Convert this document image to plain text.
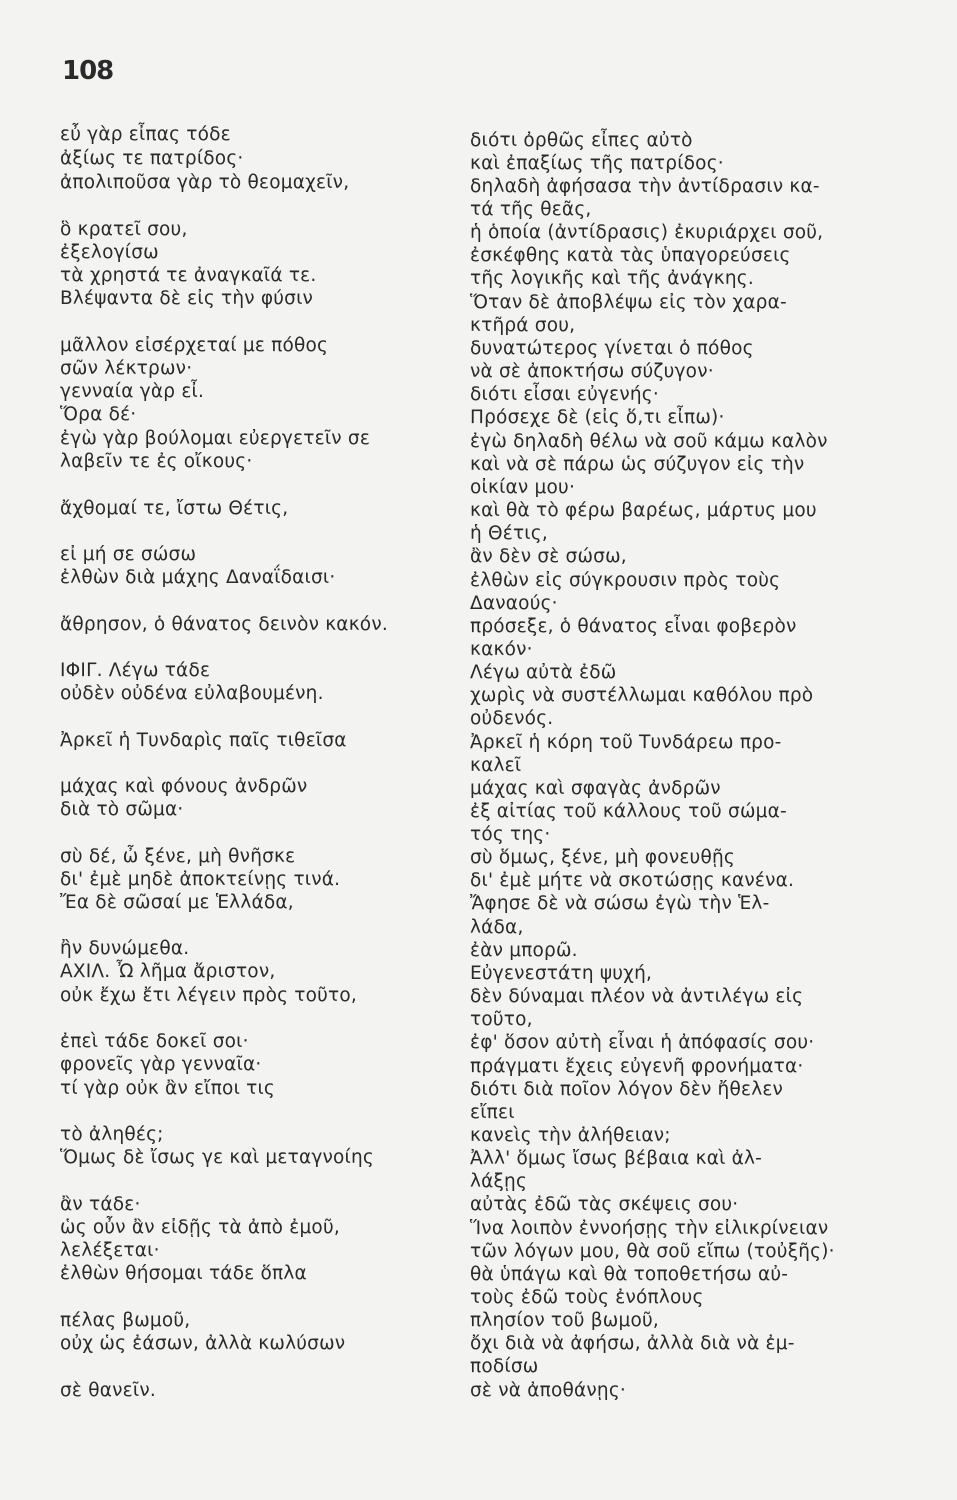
108
εὖ γὰρ εἶπας τόδε
ἀξίως τε πατρίδος·
ἀπολιποῦσα γὰρ τὸ θεομαχεῖν,
ὃ κρατεῖ σου,
ἐξελογίσω
τὰ χρηστά τε ἀναγκαῖά τε.
Βλέψαντα δὲ εἰς τὴν φύσιν
μᾶλλον εἰσέρχεταί με πόθος
σῶν λέκτρων·
γενναία γὰρ εἶ.
Ὅρα δέ·
ἐγὼ γὰρ βούλομαι εὐεργετεῖν σε
λαβεῖν τε ἐς οἴκους·
ἄχθομαί τε, ἴστω Θέτις,
εἰ μή σε σώσω
ἐλθὼν διὰ μάχης Δαναΐδαισι·
ἄθρησον, ὁ θάνατος δεινὸν κακόν.
ΙΦΙΓ. Λέγω τάδε
οὐδὲν οὐδένα εὐλαβουμένη.
Ἀρκεῖ ἡ Τυνδαρὶς παῖς τιθεῖσα
μάχας καὶ φόνους ἀνδρῶν
διὰ τὸ σῶμα·
σὺ δέ, ὦ ξένε, μὴ θνῆσκε
δι' ἐμὲ μηδὲ ἀποκτείνῃς τινά.
Ἔα δὲ σῶσαί με Ἑλλάδα,
ἢν δυνώμεθα.
ΑΧΙΛ. Ὦ λῆμα ἄριστον,
οὐκ ἔχω ἔτι λέγειν πρὸς τοῦτο,
ἐπεὶ τάδε δοκεῖ σοι·
φρονεῖς γὰρ γενναῖα·
τί γὰρ οὐκ ἂν εἴποι τις
τὸ ἀληθές;
Ὅμως δὲ ἴσως γε καὶ μεταγνοίης
ἂν τάδε·
ὡς οὖν ἂν εἰδῇς τὰ ἀπὸ ἐμοῦ,
λελέξεται·
ἐλθὼν θήσομαι τάδε ὅπλα
πέλας βωμοῦ,
οὐχ ὡς ἐάσων, ἀλλὰ κωλύσων
σὲ θανεῖν.
διότι ὀρθῶς εἶπες αὐτὸ
καὶ ἐπαξίως τῆς πατρίδος·
δηλαδὴ ἀφήσασα τὴν ἀντίδρασιν κα-
τά τῆς θεᾶς,
ἡ ὁποία (ἀντίδρασις) ἐκυριάρχει σοῦ,
ἐσκέφθης κατὰ τὰς ὑπαγορεύσεις
τῆς λογικῆς καὶ τῆς ἀνάγκης.
Ὅταν δὲ ἀποβλέψω εἰς τὸν χαρα-
κτῆρά σου,
δυνατώτερος γίνεται ὁ πόθος
νὰ σὲ ἀποκτήσω σύζυγον·
διότι εἶσαι εὐγενής·
Πρόσεχε δὲ (εἰς ὅ,τι εἶπω)·
ἐγὼ δηλαδὴ θέλω νὰ σοῦ κάμω καλὸν
καὶ νὰ σὲ πάρω ὡς σύζυγον εἰς τὴν
οἰκίαν μου·
καὶ θὰ τὸ φέρω βαρέως, μάρτυς μου
ἡ Θέτις,
ἂν δὲν σὲ σώσω,
ἐλθὼν εἰς σύγκρουσιν πρὸς τοὺς
Δαναούς·
πρόσεξε, ὁ θάνατος εἶναι φοβερὸν
κακόν·
Λέγω αὐτὰ ἐδῶ
χωρὶς νὰ συστέλλωμαι καθόλου πρὸ
οὐδενός.
Ἀρκεῖ ἡ κόρη τοῦ Τυνδάρεω προ-
καλεῖ
μάχας καὶ σφαγὰς ἀνδρῶν
ἐξ αἰτίας τοῦ κάλλους τοῦ σώμα-
τός της·
σὺ ὅμως, ξένε, μὴ φονευθῇς
δι' ἐμὲ μήτε νὰ σκοτώσῃς κανένα.
Ἄφησε δὲ νὰ σώσω ἐγὼ τὴν Ἑλ-
λάδα,
ἐὰν μπορῶ.
Εὐγενεστάτη ψυχή,
δὲν δύναμαι πλέον νὰ ἀντιλέγω εἰς
τοῦτο,
ἐφ' ὅσον αὐτὴ εἶναι ἡ ἀπόφασίς σου·
πράγματι ἔχεις εὐγενῆ φρονήματα·
διότι διὰ ποῖον λόγον δὲν ἤθελεν
εἴπει
κανεὶς τὴν ἀλήθειαν;
Ἀλλ' ὅμως ἴσως βέβαια καὶ ἀλ-
λάξῃς
αὐτὰς ἐδῶ τὰς σκέψεις σου·
Ἵνα λοιπὸν ἐννοήσῃς τὴν εἰλικρίνειαν
τῶν λόγων μου, θὰ σοῦ εἴπω (τοὐξῆς)·
θὰ ὑπάγω καὶ θὰ τοποθετήσω αὐ-
τοὺς ἐδῶ τοὺς ἐνόπλους
πλησίον τοῦ βωμοῦ,
ὄχι διὰ νὰ ἀφήσω, ἀλλὰ διὰ νὰ ἐμ-
ποδίσω
σὲ νὰ ἀποθάνῃς·
